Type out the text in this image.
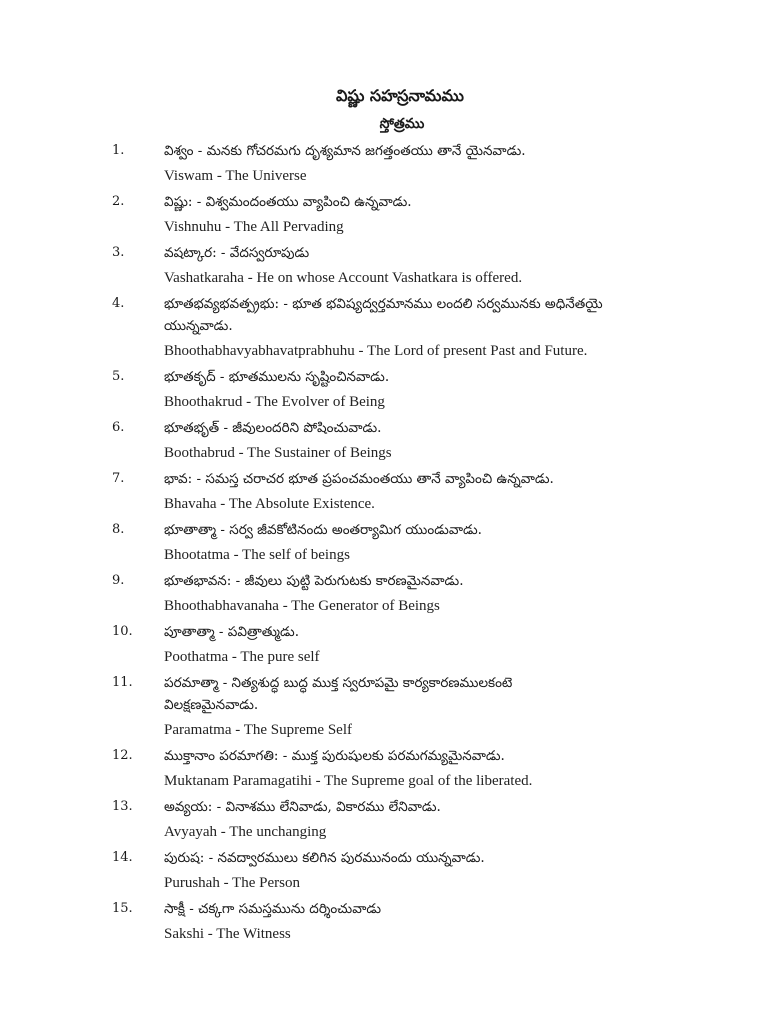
విష్ణు సహస్రనామము
స్తోత్రము
1.	విశ్వం - మనకు గోచరమగు దృశ్యమాన జగత్తంతయు తానే యైనవాడు.
Viswam - The Universe
2.	విష్ణు: - విశ్వమందంతయు వ్యాపించి ఉన్నవాడు.
Vishnuhu - The All Pervading
3.	వషట్కార: - వేదస్వరూపుడు
Vashatkaraha - He on whose Account Vashatkara is offered.
4.	భూతభవ్యభవత్ప్రభు: - భూత భవిష్యద్వర్తమానము లందలి సర్వమునకు అధినేతయై
యున్నవాడు.
Bhoothabhavyabhavatprabhuhu - The Lord of present Past and Future.
5.	భూతకృద్ - భూతములను సృష్టించినవాడు.
Bhoothakrud - The Evolver of Being
6.	భూతభృత్ - జీవులందరిని పోషించువాడు.
Boothabrud - The Sustainer of Beings
7.	భావ: - సమస్త చరాచర భూత ప్రపంచమంతయు తానే వ్యాపించి ఉన్నవాడు.
Bhavaha - The Absolute Existence.
8.	భూతాత్మా - సర్వ జీవకోటినందు అంతర్యామిగ యుండువాడు.
Bhootatma - The self of beings
9.	భూతభావన: - జీవులు పుట్టి పెరుగుటకు కారణమైనవాడు.
Bhoothabhavanaha - The Generator of Beings
10.	పూతాత్మా - పవిత్రాత్ముడు.
Poothatma - The pure self
11.	పరమాత్మా - నిత్యశుద్ధ బుద్ధ ముక్త స్వరూపమై కార్యకారణములకంటె
విలక్షణమైనవాడు.
Paramatma - The Supreme Self
12.	ముక్తానాం పరమాగతి: - ముక్త పురుషులకు పరమగమ్యమైనవాడు.
Muktanam Paramagatihi - The Supreme goal of the liberated.
13.	అవ్యయ: - వినాశము లేనివాడు, వికారము లేనివాడు.
Avyayah - The unchanging
14.	పురుష: - నవద్వారములు కలిగిన పురమునందు యున్నవాడు.
Purushah - The Person
15.	సాక్షీ - చక్కగా సమస్తమును దర్శించువాడు
Sakshi - The Witness
